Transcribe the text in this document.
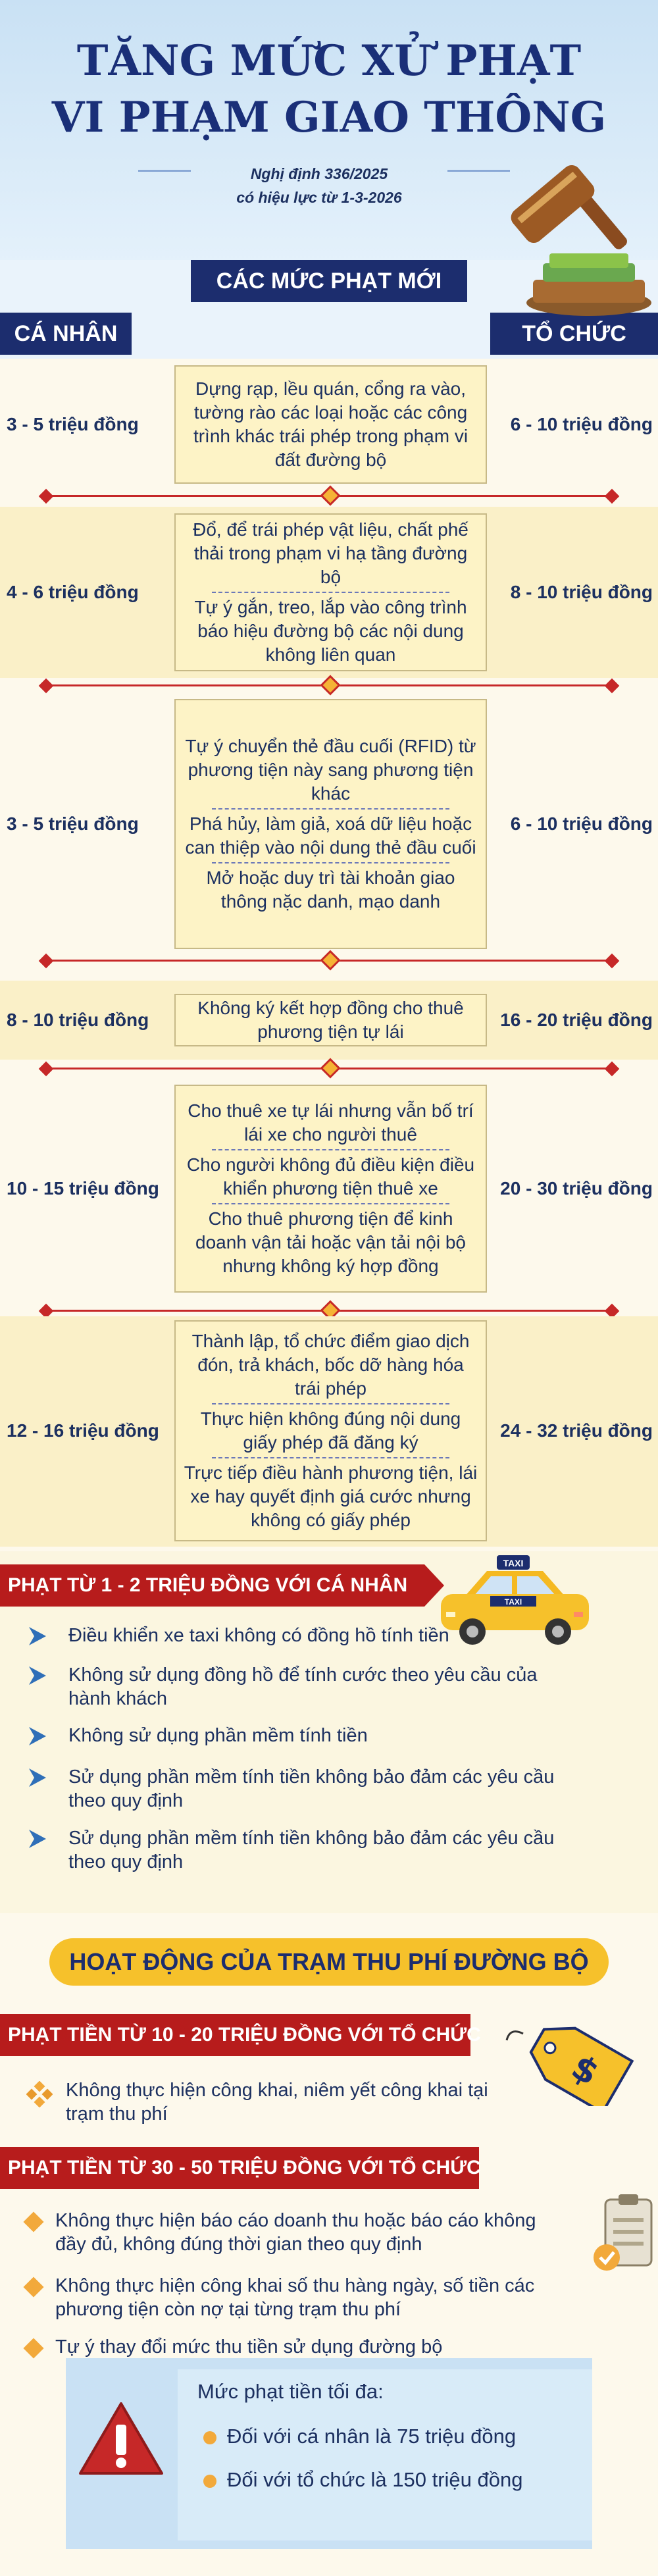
TĂNG MỨC XỬ PHẠT
VI PHẠM GIAO THÔNG
Nghị định 336/2025
có hiệu lực từ 1-3-2026
CÁC MỨC PHẠT MỚI
CÁ NHÂN	TỔ CHỨC
Dựng rạp, lều quán, cổng ra vào, tường rào các loại hoặc các công trình khác trái phép trong phạm vi đất đường bộ
3 - 5 triệu đồng	6 - 10 triệu đồng
Đổ, để trái phép vật liệu, chất phế thải trong phạm vi hạ tầng đường bộ
Tự ý gắn, treo, lắp vào công trình báo hiệu đường bộ các nội dung không liên quan
4 - 6 triệu đồng	8 - 10 triệu đồng
Tự ý chuyển thẻ đầu cuối (RFID) từ phương tiện này sang phương tiện khác
Phá hủy, làm giả, xoá dữ liệu hoặc can thiệp vào nội dung thẻ đầu cuối
Mở hoặc duy trì tài khoản giao thông nặc danh, mạo danh
3 - 5 triệu đồng	6 - 10 triệu đồng
Không ký kết hợp đồng cho thuê phương tiện tự lái
8 - 10 triệu đồng	16 - 20 triệu đồng
Cho thuê xe tự lái nhưng vẫn bố trí lái xe cho người thuê
Cho người không đủ điều kiện điều khiển phương tiện thuê xe
Cho thuê phương tiện để kinh doanh vận tải hoặc vận tải nội bộ nhưng không ký hợp đồng
10 - 15 triệu đồng	20 - 30 triệu đồng
Thành lập, tổ chức điểm giao dịch đón, trả khách, bốc dỡ hàng hóa trái phép
Thực hiện không đúng nội dung giấy phép đã đăng ký
Trực tiếp điều hành phương tiện, lái xe hay quyết định giá cước nhưng không có giấy phép
12 - 16 triệu đồng	24 - 32 triệu đồng
PHẠT TỪ 1 - 2 TRIỆU ĐỒNG VỚI CÁ NHÂN
TAXI
TAXI
Điều khiển xe taxi không có đồng hồ tính tiền
Không sử dụng đồng hồ để tính cước theo yêu cầu của hành khách
Không sử dụng phần mềm tính tiền
Sử dụng phần mềm tính tiền không bảo đảm các yêu cầu theo quy định
Sử dụng phần mềm tính tiền không bảo đảm các yêu cầu theo quy định
HOẠT ĐỘNG CỦA TRẠM THU PHÍ ĐƯỜNG BỘ
PHẠT TIỀN TỪ 10 - 20 TRIỆU ĐỒNG VỚI TỔ CHỨC
$
Không thực hiện công khai, niêm yết công khai tại trạm thu phí
PHẠT TIỀN TỪ 30 - 50 TRIỆU ĐỒNG VỚI TỔ CHỨC
Không thực hiện báo cáo doanh thu hoặc báo cáo không đầy đủ, không đúng thời gian theo quy định
Không thực hiện công khai số thu hàng ngày, số tiền các phương tiện còn nợ tại từng trạm thu phí
Tự ý thay đổi mức thu tiền sử dụng đường bộ
Mức phạt tiền tối đa:
Đối với cá nhân là 75 triệu đồng
Đối với tổ chức là 150 triệu đồng
